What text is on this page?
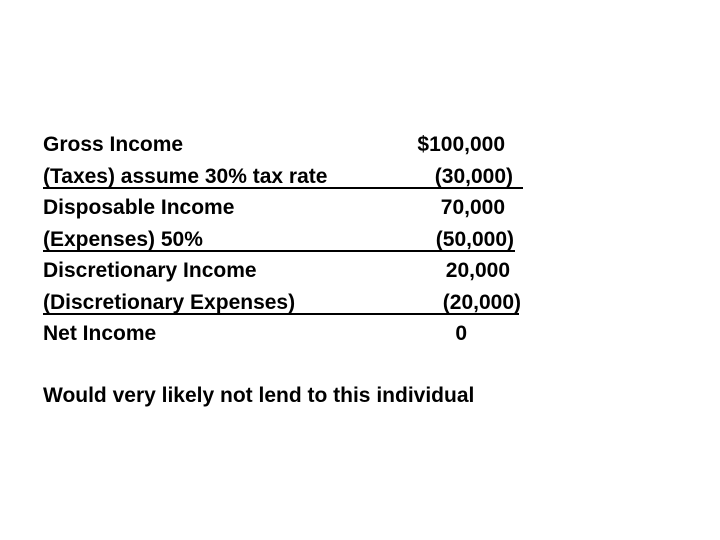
Gross Income	$100,000
(Taxes) assume 30% tax rate	(30,000)
Disposable Income	70,000
(Expenses) 50%	(50,000)
Discretionary Income	20,000
(Discretionary Expenses)	(20,000)
Net Income	0
Would very likely not lend to this individual
